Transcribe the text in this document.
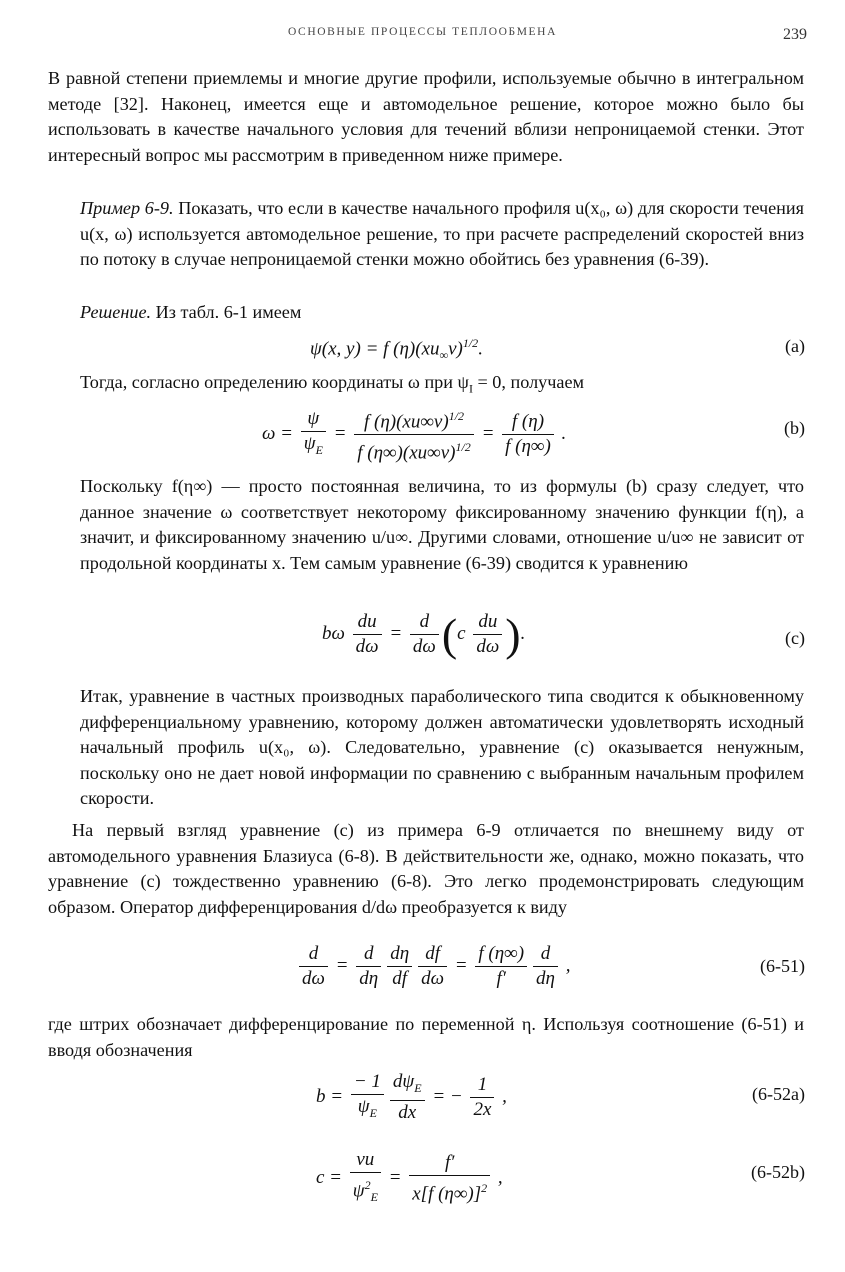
ОСНОВНЫЕ ПРОЦЕССЫ ТЕПЛООБМЕНА	239

В равной степени приемлемы и многие другие профили, используемые обычно в интегральном методе [32]. Наконец, имеется еще и автомодельное решение, которое можно было бы использовать в качестве начального условия для течений вблизи непроницаемой стенки. Этот интересный вопрос мы рассмотрим в приведенном ниже примере.

Пример 6-9. Показать, что если в качестве начального профиля u(x₀, ω) для скорости течения u(x, ω) используется автомодельное решение, то при расчете распределений скоростей вниз по потоку в случае непроницаемой стенки можно обойтись без уравнения (6-39).

Решение. Из табл. 6-1 имеем

ψ(x, y) = f $(\eta)(xu_\infty\nu)^{1/2}$.	(a)

Тогда, согласно определению координаты ω при $\psi_I = 0$, получаем

$\omega = \frac{\psi}{\psi_E} = \frac{f (\eta)(xu\infty\nu)^{1/2}}{f (\eta\infty)(xu\infty\nu)^{1/2}} = \frac{f (\eta)}{f (\eta\infty)}$ .	(b)

Поскольку f(η∞) — просто постоянная величина, то из формулы (b) сразу следует, что данное значение ω соответствует некоторому фиксированному значению функции f(η), а значит, и фиксированному значению u/u∞. Другими словами, отношение u/u∞ не зависит от продольной координаты x. Тем самым уравнение (6-39) сводится к уравнению

bω $\frac{du}{d\omega} = \frac{d}{d\omega} (c \frac{du}{d\omega}$ ).	(c)

Итак, уравнение в частных производных параболического типа сводится к обыкновенному дифференциальному уравнению, которому должен автоматически удовлетворять исходный начальный профиль u(x₀, ω). Следовательно, уравнение (c) оказывается ненужным, поскольку оно не дает новой информации по сравнению с выбранным начальным профилем скорости.

На первый взгляд уравнение (c) из примера 6-9 отличается по внешнему виду от автомодельного уравнения Блазиуса (6-8). В действительности же, однако, можно показать, что уравнение (c) тождественно уравнению (6-8). Это легко продемонстрировать следующим образом. Оператор дифференцирования d/dω преобразуется к виду

$\frac{d}{d\omega} = \frac{d}{d\eta} \frac{d\eta}{df} \frac{df}{d\omega} = \frac{f (\eta\infty)}{f'} \frac{d}{d\eta}$ ,	(6-51)

где штрих обозначает дифференцирование по переменной η. Используя соотношение (6-51) и вводя обозначения

$b = \frac{- 1}{\psi_E} \frac{d\psi_E}{dx}$ = − $\frac{1}{2x}$ ,	(6-52a)
$c = \frac{\nu u}{\psi^2_E} = \frac{f'}{x[f (\eta\infty)]^2}$ ,	(6-52b)
